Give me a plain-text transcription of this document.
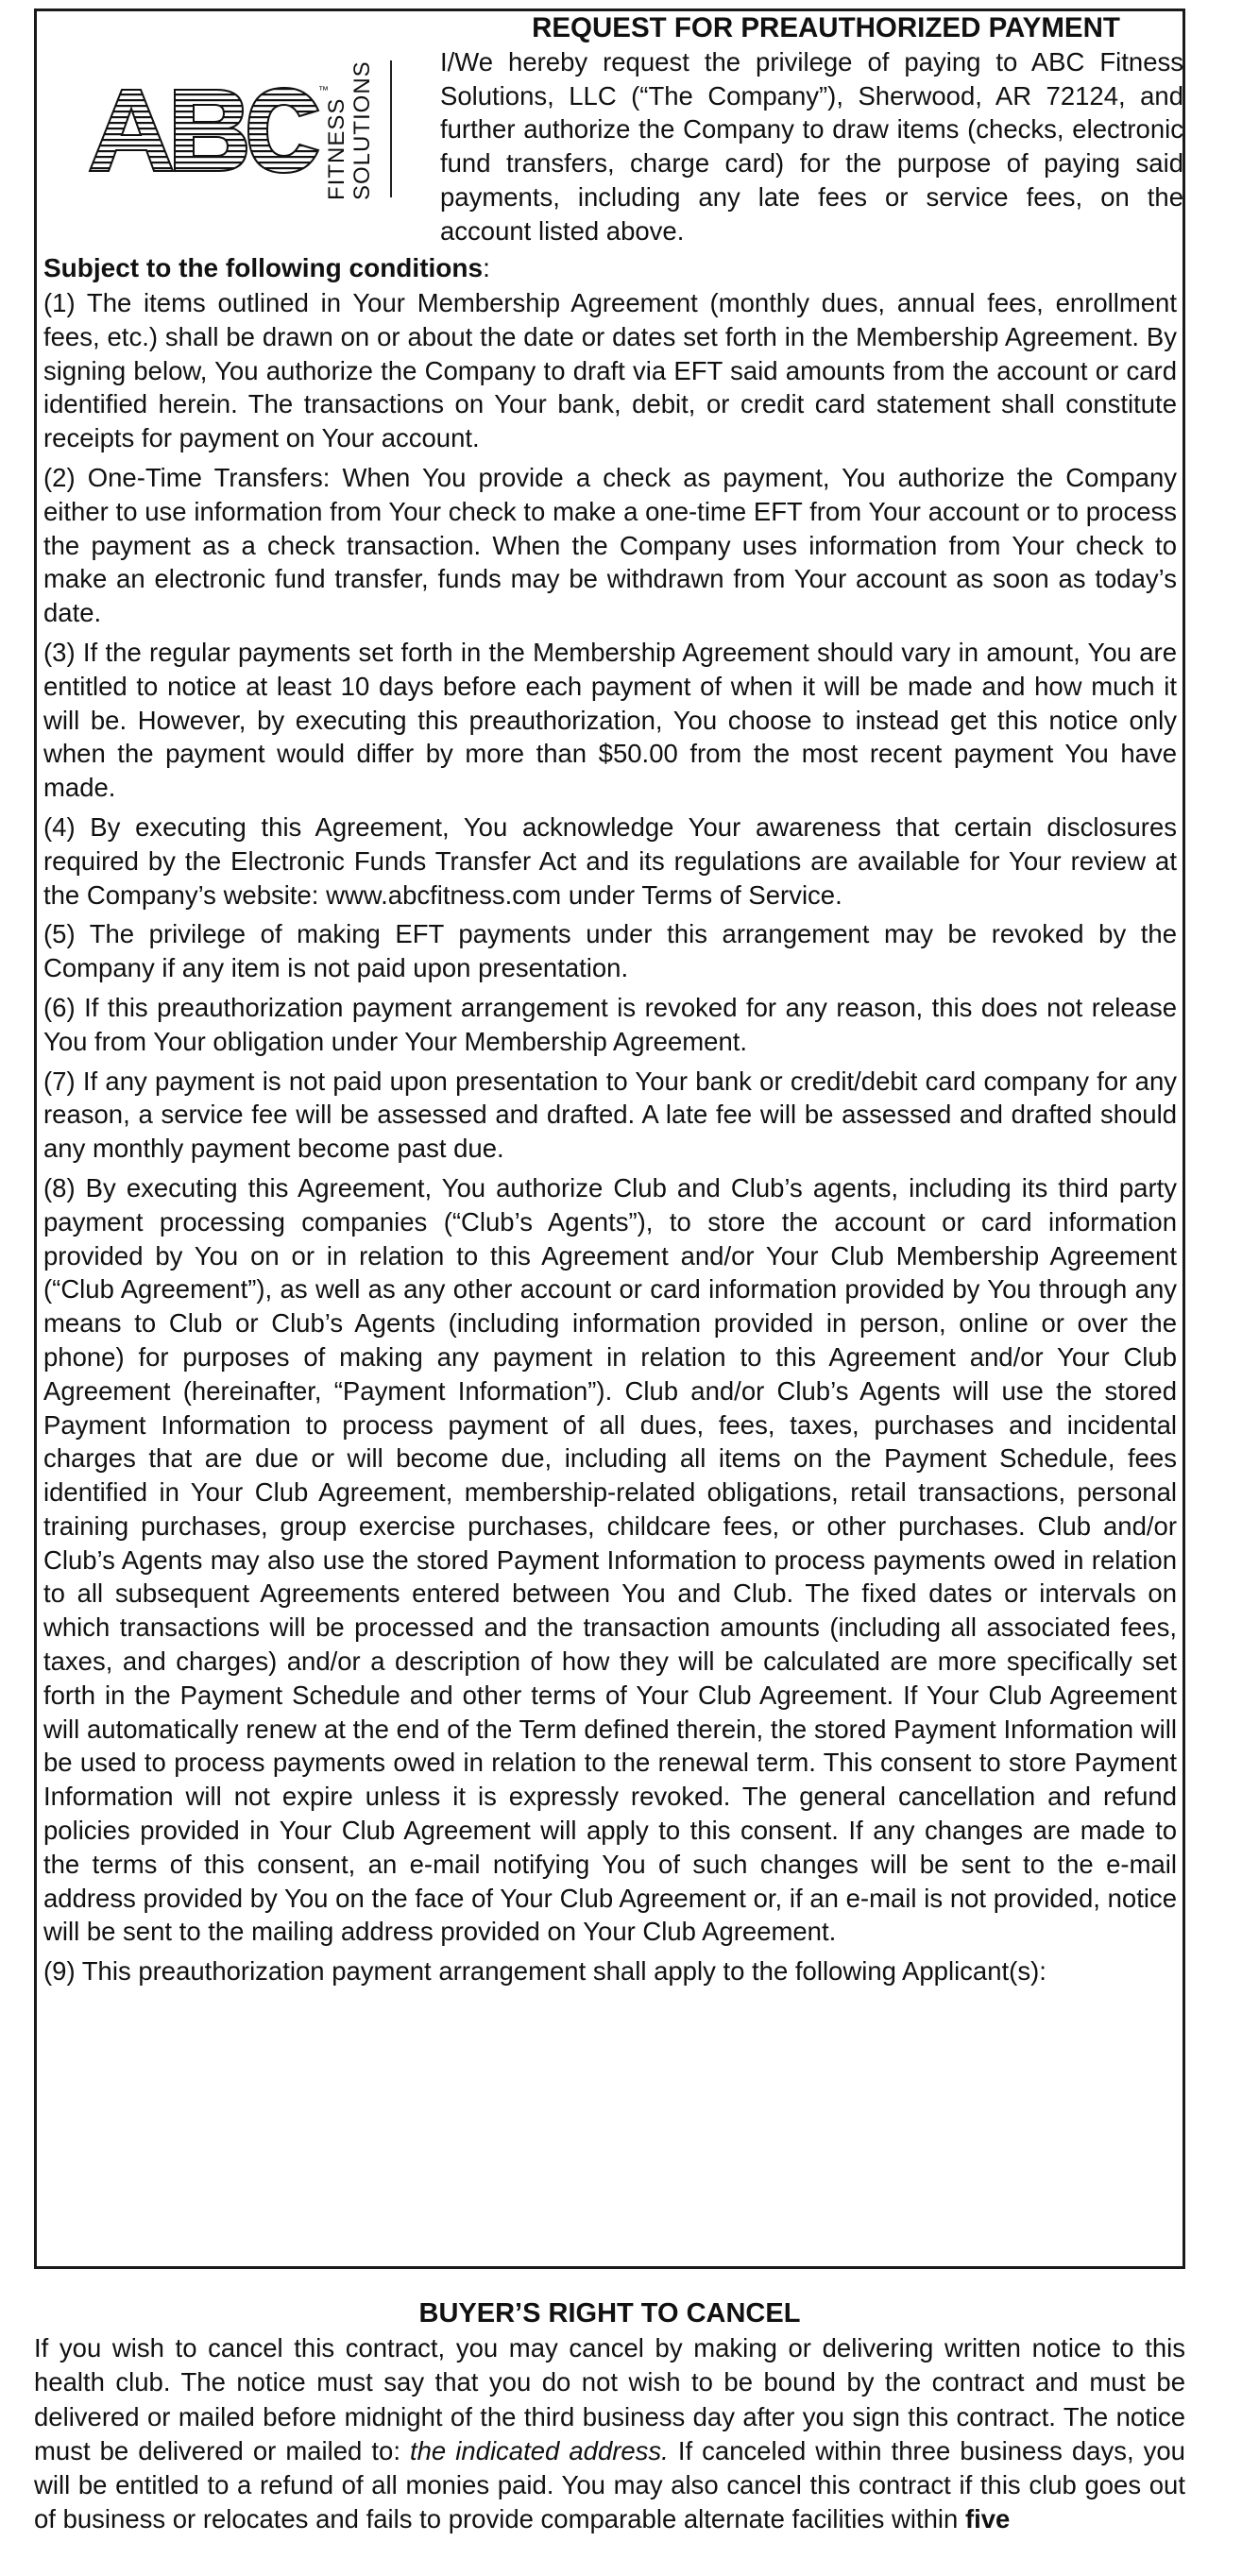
™
FITNESS SOLUTIONS

REQUEST FOR PREAUTHORIZED PAYMENT

I/We hereby request the privilege of paying to ABC Fitness Solutions, LLC (“The Company”), Sherwood, AR 72124, and further authorize the Company to draw items (checks, electronic fund transfers, charge card) for the purpose of paying said payments, including any late fees or service fees, on the account listed above.

Subject to the following conditions:

(1) The items outlined in Your Membership Agreement (monthly dues, annual fees, enrollment fees, etc.) shall be drawn on or about the date or dates set forth in the Membership Agreement. By signing below, You authorize the Company to draft via EFT said amounts from the account or card identified herein. The transactions on Your bank, debit, or credit card statement shall constitute receipts for payment on Your account.

(2) One-Time Transfers: When You provide a check as payment, You authorize the Company either to use information from Your check to make a one-time EFT from Your account or to process the payment as a check transaction. When the Company uses information from Your check to make an electronic fund transfer, funds may be withdrawn from Your account as soon as today’s date.

(3) If the regular payments set forth in the Membership Agreement should vary in amount, You are entitled to notice at least 10 days before each payment of when it will be made and how much it will be. However, by executing this preauthorization, You choose to instead get this notice only when the payment would differ by more than $50.00 from the most recent payment You have made.

(4) By executing this Agreement, You acknowledge Your awareness that certain disclosures required by the Electronic Funds Transfer Act and its regulations are available for Your review at the Company’s website: www.abcfitness.com under Terms of Service.

(5) The privilege of making EFT payments under this arrangement may be revoked by the Company if any item is not paid upon presentation.

(6) If this preauthorization payment arrangement is revoked for any reason, this does not release You from Your obligation under Your Membership Agreement.

(7) If any payment is not paid upon presentation to Your bank or credit/debit card company for any reason, a service fee will be assessed and drafted. A late fee will be assessed and drafted should any monthly payment become past due.

(8) By executing this Agreement, You authorize Club and Club’s agents, including its third party payment processing companies (“Club’s Agents”), to store the account or card information provided by You on or in relation to this Agreement and/or Your Club Membership Agreement (“Club Agreement”), as well as any other account or card information provided by You through any means to Club or Club’s Agents (including information provided in person, online or over the phone) for purposes of making any payment in relation to this Agreement and/or Your Club Agreement (hereinafter, “Payment Information”). Club and/or Club’s Agents will use the stored Payment Information to process payment of all dues, fees, taxes, purchases and incidental charges that are due or will become due, including all items on the Payment Schedule, fees identified in Your Club Agreement, membership-related obligations, retail transactions, personal training purchases, group exercise purchases, childcare fees, or other purchases. Club and/or Club’s Agents may also use the stored Payment Information to process payments owed in relation to all subsequent Agreements entered between You and Club. The fixed dates or intervals on which transactions will be processed and the transaction amounts (including all associated fees, taxes, and charges) and/or a description of how they will be calculated are more specifically set forth in the Payment Schedule and other terms of Your Club Agreement. If Your Club Agreement will automatically renew at the end of the Term defined therein, the stored Payment Information will be used to process payments owed in relation to the renewal term. This consent to store Payment Information will not expire unless it is expressly revoked. The general cancellation and refund policies provided in Your Club Agreement will apply to this consent. If any changes are made to the terms of this consent, an e-mail notifying You of such changes will be sent to the e-mail address provided by You on the face of Your Club Agreement or, if an e-mail is not provided, notice will be sent to the mailing address provided on Your Club Agreement.

(9) This preauthorization payment arrangement shall apply to the following Applicant(s):

BUYER’S RIGHT TO CANCEL

If you wish to cancel this contract, you may cancel by making or delivering written notice to this health club. The notice must say that you do not wish to be bound by the contract and must be delivered or mailed before midnight of the third business day after you sign this contract. The notice must be delivered or mailed to: the indicated address. If canceled within three business days, you will be entitled to a refund of all monies paid. You may also cancel this contract if this club goes out of business or relocates and fails to provide comparable alternate facilities within five
